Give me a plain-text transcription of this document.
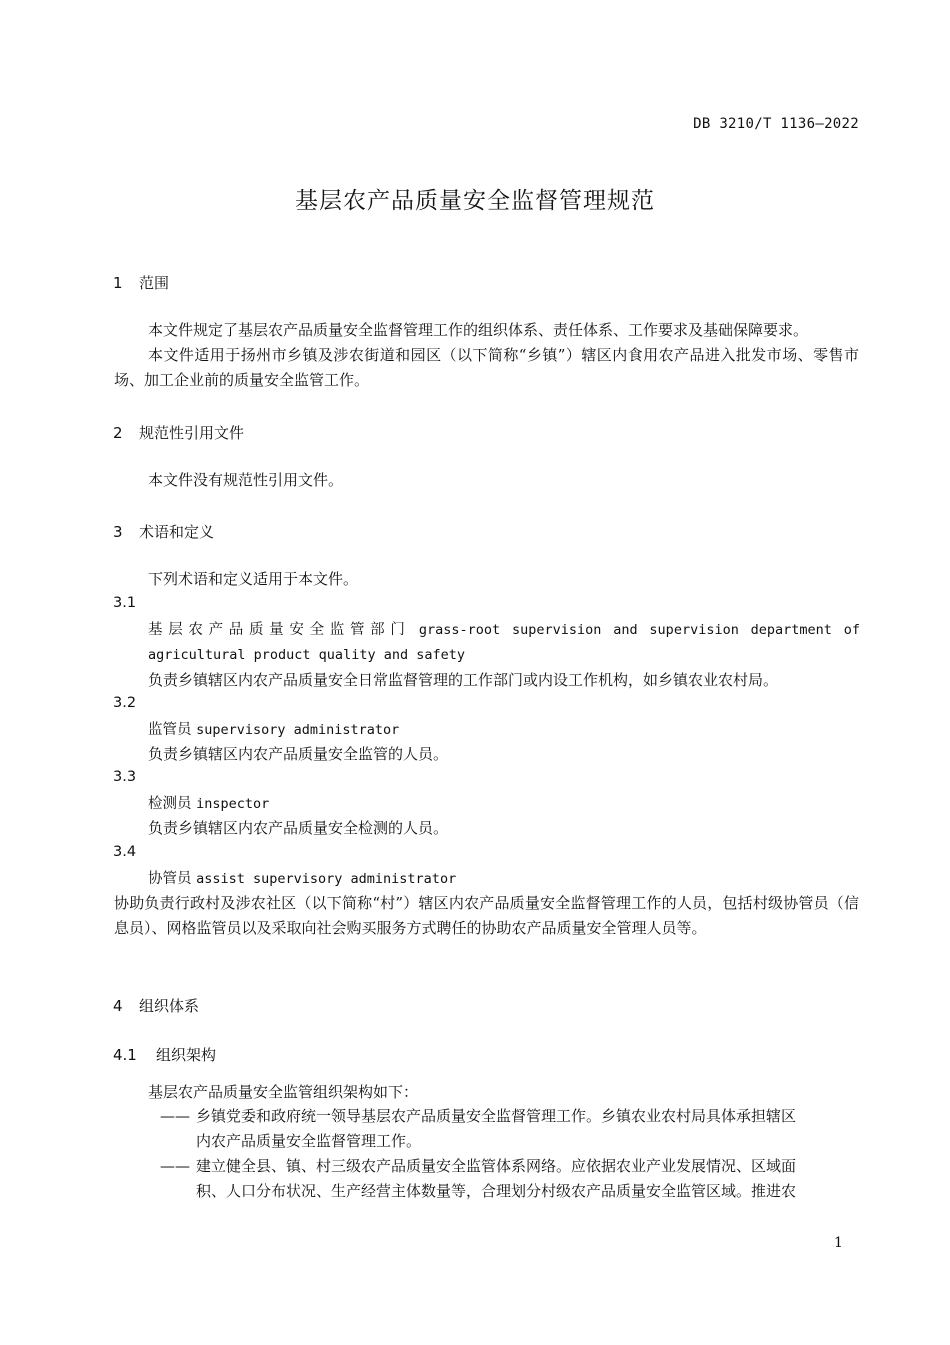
DB 3210/T 1136—2022
基层农产品质量安全监督管理规范
1 范围
本文件规定了基层农产品质量安全监督管理工作的组织体系、责任体系、工作要求及基础保障要求。
本文件适用于扬州市乡镇及涉农街道和园区（以下简称“乡镇”）辖区内食用农产品进入批发市场、零售市场、加工企业前的质量安全监管工作。
2 规范性引用文件
本文件没有规范性引用文件。
3 术语和定义
下列术语和定义适用于本文件。
3.1
基层农产品质量安全监管部门 grass-root supervision and supervision department of agricultural product quality and safety
负责乡镇辖区内农产品质量安全日常监督管理的工作部门或内设工作机构，如乡镇农业农村局。
3.2
监管员 supervisory administrator
负责乡镇辖区内农产品质量安全监管的人员。
3.3
检测员 inspector
负责乡镇辖区内农产品质量安全检测的人员。
3.4
协管员 assist supervisory administrator
协助负责行政村及涉农社区（以下简称“村”）辖区内农产品质量安全监督管理工作的人员，包括村级协管员（信息员）、网格监管员以及采取向社会购买服务方式聘任的协助农产品质量安全管理人员等。
4 组织体系
4.1 组织架构
基层农产品质量安全监管组织架构如下：
—— 乡镇党委和政府统一领导基层农产品质量安全监督管理工作。乡镇农业农村局具体承担辖区
内农产品质量安全监督管理工作。
—— 建立健全县、镇、村三级农产品质量安全监管体系网络。应依据农业产业发展情况、区域面
积、人口分布状况、生产经营主体数量等，合理划分村级农产品质量安全监管区域。推进农
1
